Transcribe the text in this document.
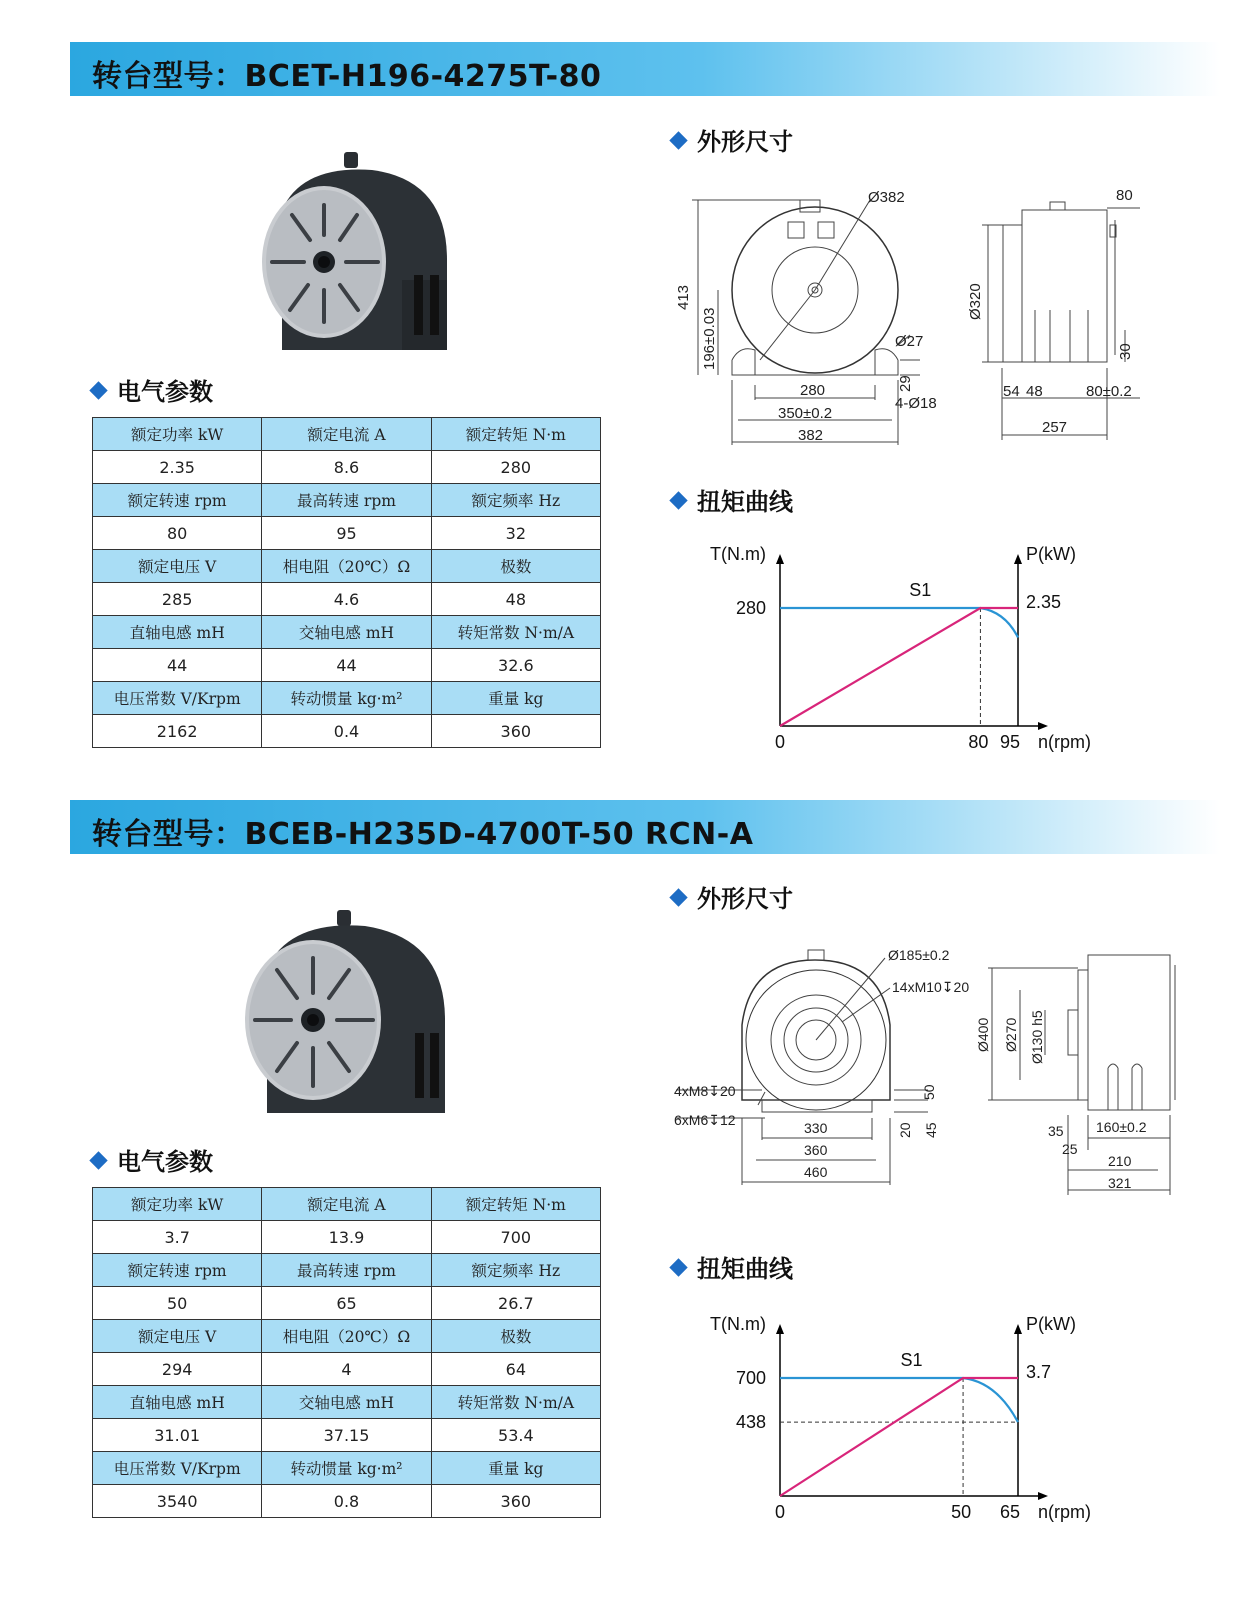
转台型号：BCET-H196-4275T-80
电气参数
额定功率 kW	额定电流 A	额定转矩 N·m
2.35	8.6	280
额定转速 rpm	最高转速 rpm	额定频率 Hz
80	95	32
额定电压 V	相电阻（20℃）Ω	极数
285	4.6	48
直轴电感 mH	交轴电感 mH	转矩常数 N·m/A
44	44	32.6
电压常数 V/Krpm	转动惯量 kg·m²	重量 kg
2162	0.4	360
外形尺寸
Ø382
413
196±0.03	Ø27
280	29
4-Ø18
350±0.2
382
80
Ø320
30
54 48	80±0.2
257
扭矩曲线
T(N.m)	P(kW)
n(rpm)
0	80 95
280	2.35
S1
转台型号：BCEB-H235D-4700T-50 RCN-A
电气参数
额定功率 kW	额定电流 A	额定转矩 N·m
3.7	13.9	700
额定转速 rpm	最高转速 rpm	额定频率 Hz
50	65	26.7
额定电压 V	相电阻（20℃）Ω	极数
294	4	64
直轴电感 mH	交轴电感 mH	转矩常数 N·m/A
31.01	37.15	53.4
电压常数 V/Krpm	转动惯量 kg·m²	重量 kg
3540	0.8	360
外形尺寸
Ø185±0.2
14xM10↧20
4xM8↧20
6xM6↧12
50
20 45
330
360
460
Ø400 Ø270 Ø130 h5
35 160±0.2
25
210
321
扭矩曲线
T(N.m)	P(kW)
n(rpm)
0	50 65
700
438
3.7
S1
